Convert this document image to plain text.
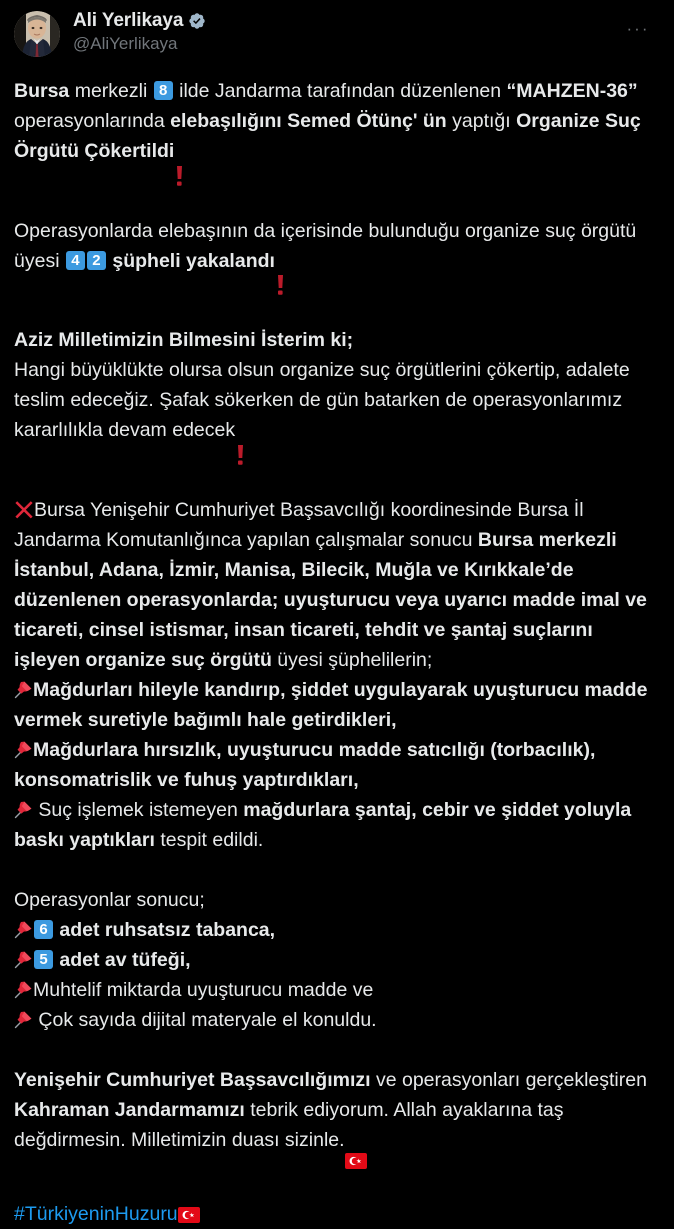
Ali Yerlikaya
@AliYerlikaya
···

Bursa merkezli 8 ilde Jandarma tarafından düzenlenen “MAHZEN-36” operasyonlarında elebaşılığını Semed Ötünç' ün yaptığı Organize Suç Örgütü Çökertildi

Operasyonlarda elebaşının da içerisinde bulunduğu organize suç örgütü üyesi 4 2 şüpheli yakalandı

Aziz Milletimizin Bilmesini İsterim ki;

Hangi büyüklükte olursa olsun organize suç örgütlerini çökertip, adalete teslim edeceğiz. Şafak sökerken de gün batarken de operasyonlarımız kararlılıkla devam edecek

Bursa Yenişehir Cumhuriyet Başsavcılığı koordinesinde Bursa İl Jandarma Komutanlığınca yapılan çalışmalar sonucu Bursa merkezli İstanbul, Adana, İzmir, Manisa, Bilecik, Muğla ve Kırıkkale’de düzenlenen operasyonlarda; uyuşturucu veya uyarıcı madde imal ve ticareti, cinsel istismar, insan ticareti, tehdit ve şantaj suçlarını işleyen organize suç örgütü üyesi şüphelilerin;

Mağdurları hileyle kandırıp, şiddet uygulayarak uyuşturucu madde vermek suretiyle bağımlı hale getirdikleri,

Mağdurlara hırsızlık, uyuşturucu madde satıcılığı (torbacılık), konsomatrislik ve fuhuş yaptırdıkları,

Suç işlemek istemeyen mağdurlara şantaj, cebir ve şiddet yoluyla baskı yaptıkları tespit edildi.

Operasyonlar sonucu;

6 adet ruhsatsız tabanca,

5 adet av tüfeği,

Muhtelif miktarda uyuşturucu madde ve

Çok sayıda dijital materyale el konuldu.

Yenişehir Cumhuriyet Başsavcılığımızı ve operasyonları gerçekleştiren Kahraman Jandarmamızı tebrik ediyorum. Allah ayaklarına taş değdirmesin. Milletimizin duası sizinle.

#TürkiyeninHuzuru
